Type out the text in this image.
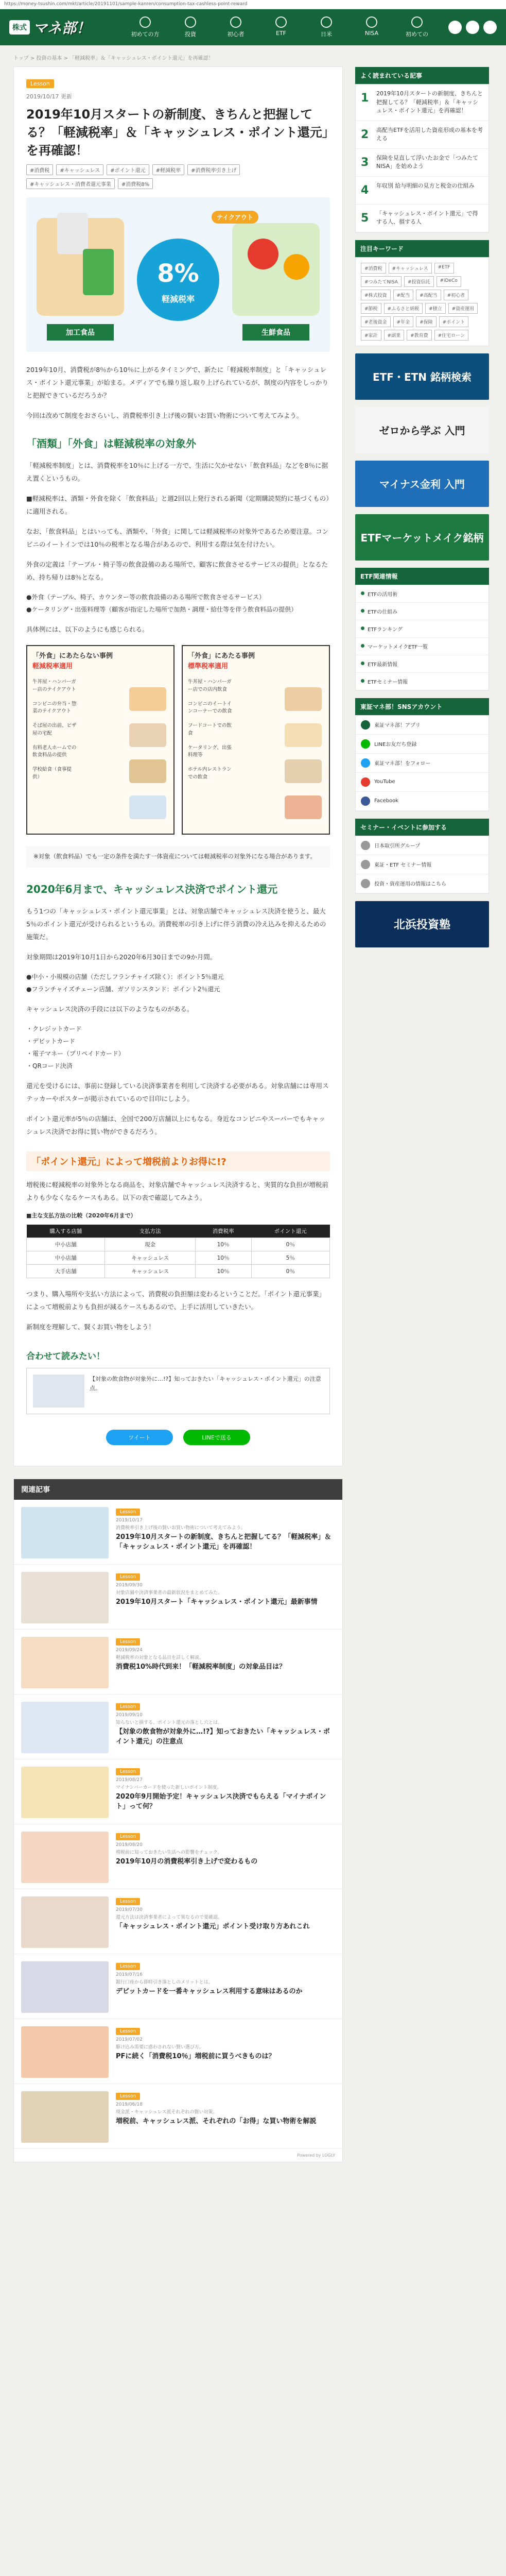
https://money-tsushin.com/mkt/article/20191101/sample-kanren/consumption-tax-cashless-point-reward
株式 マネ部！	初めての方	投資	初心者	ETF	日米	NISA	初めての
トップ > 投資の基本 > 「軽減税率」＆「キャッシュレス・ポイント還元」を再確認！
Lesson
2019/10/17 更新
2019年10月スタートの新制度、きちんと把握してる？「軽減税率」＆「キャッシュレス・ポイント還元」を再確認！
#消費税	#キャッシュレス	#ポイント還元	#軽減税率	#消費税率引き上げ
#キャッシュレス・消費者還元事業	#消費税8%
8%
軽減税率
テイクアウト
加工食品	生鮮食品

2019年10月、消費税が8％から10％に上がるタイミングで、新たに「軽減税率制度」と「キャッシュレス・ポイント還元事業」が始まる。メディアでも繰り返し取り上げられているが、制度の内容をしっかりと把握できているだろうか？

今回は改めて制度をおさらいし、消費税率引き上げ後の賢いお買い物術について考えてみよう。

「酒類」「外食」は軽減税率の対象外

「軽減税率制度」とは、消費税率を10％に上げる一方で、生活に欠かせない「飲食料品」などを8％に据え置くというもの。

■軽減税率は、酒類・外食を除く「飲食料品」と週2回以上発行される新聞（定期購読契約に基づくもの）に適用される。

なお、「飲食料品」とはいっても、酒類や、「外食」に関しては軽減税率の対象外であるため要注意。コンビニのイートインでは10％の税率となる場合があるので、利用する際は気を付けたい。

外食の定義は「テーブル・椅子等の飲食設備のある場所で、顧客に飲食させるサービスの提供」となるため、持ち帰りは8％となる。

●外食（テーブル、椅子、カウンター等の飲食設備のある場所で飲食させるサービス）
●ケータリング・出張料理等（顧客が指定した場所で加熱・調理・給仕等を伴う飲食料品の提供）

具体例には、以下のようにも感じられる。

「外食」にあたらない事例
軽減税率適用
牛丼屋・ハンバーガー店のテイクアウト
コンビニの弁当・惣菜のテイクアウト
そば屋の出前、ピザ屋の宅配
有料老人ホームでの飲食料品の提供
学校給食（食事提供）
「外食」にあたる事例
標準税率適用
牛丼屋・ハンバーガー店での店内飲食
コンビニのイートインコーナーでの飲食
フードコートでの飲食
ケータリング、出張料理等
ホテル内レストランでの飲食
※対象（飲食料品）でも一定の条件を満たす一体資産については軽減税率の対象外になる場合があります。
2020年6月まで、キャッシュレス決済でポイント還元

もう1つの「キャッシュレス・ポイント還元事業」とは、対象店舗でキャッシュレス決済を使うと、最大5％のポイント還元が受けられるというもの。消費税率の引き上げに伴う消費の冷え込みを抑えるための施策だ。

対象期間は2019年10月1日から2020年6月30日までの9か月間。

●中小・小規模の店舗（ただしフランチャイズ除く）：ポイント5％還元
●フランチャイズチェーン店舗、ガソリンスタンド：ポイント2％還元

キャッシュレス決済の手段には以下のようなものがある。

・クレジットカード
・デビットカード
・電子マネー（プリペイドカード）
・QRコード決済

還元を受けるには、事前に登録している決済事業者を利用して決済する必要がある。対象店舗には専用ステッカーやポスターが掲示されているので目印にしよう。

ポイント還元率が5％の店舗は、全国で200万店舗以上にもなる。身近なコンビニやスーパーでもキャッシュレス決済でお得に買い物ができるだろう。

「ポイント還元」によって増税前よりお得に!?

増税後に軽減税率の対象外となる商品を、対象店舗でキャッシュレス決済すると、実質的な負担が増税前よりも少なくなるケースもある。以下の表で確認してみよう。

■主な支払方法の比較（2020年6月まで）
購入する店舗	支払方法	消費税率	ポイント還元
中小店舗	現金	10％	0％
中小店舗	キャッシュレス	10％	5％
大手店舗	キャッシュレス	10％	0％

つまり、購入場所や支払い方法によって、消費税の負担額は変わるということだ。「ポイント還元事業」によって増税前よりも負担が減るケースもあるので、上手に活用していきたい。

新制度を理解して、賢くお買い物をしよう！

合わせて読みたい！
【対象の飲食物が対象外に…!?】知っておきたい「キャッシュレス・ポイント還元」の注意点。
ツイート	LINEで送る
関連記事
Lesson
2019/10/17
消費税率引き上げ後の賢いお買い物術について考えてみよう。
2019年10月スタートの新制度、きちんと把握してる？「軽減税率」＆「キャッシュレス・ポイント還元」を再確認！
Lesson
2019/09/30
対象店舗や決済事業者の最新状況をまとめてみた。
2019年10月スタート「キャッシュレス・ポイント還元」最新事情
Lesson
2019/09/24
軽減税率の対象となる品目を詳しく解説。
消費税10%時代到来！「軽減税率制度」の対象品目は？
Lesson
2019/09/10
知らないと損する、ポイント還元の落とし穴とは。
【対象の飲食物が対象外に…!?】知っておきたい「キャッシュレス・ポイント還元」の注意点
Lesson
2019/08/27
マイナンバーカードを使った新しいポイント制度。
2020年9月開始予定！キャッシュレス決済でもらえる「マイナポイント」って何？
Lesson
2019/08/20
増税前に知っておきたい生活への影響をチェック。
2019年10月の消費税率引き上げで変わるもの
Lesson
2019/07/30
還元方法は決済事業者によって異なるので要確認。
「キャッシュレス・ポイント還元」ポイント受け取り方あれこれ
Lesson
2019/07/16
銀行口座から即時引き落としのメリットとは。
デビットカードを一番キャッシュレス利用する意味はあるのか
Lesson
2019/07/02
駆け込み需要に惑わされない賢い選び方。
PFに続く「消費税10％」増税前に買うべきものは？
Lesson
2019/06/18
現金派・キャッシュレス派それぞれの賢い対策。
増税前、キャッシュレス派、それぞれの「お得」な買い物術を解説
Powered by LOGLY
よく読まれている記事
1	2019年10月スタートの新制度、きちんと把握してる？「軽減税率」＆「キャッシュレス・ポイント還元」を再確認！
2	高配当ETFを活用した資産形成の基本を考える
3	保険を見直して浮いたお金で「つみたてNISA」を始めよう
4	年収別 給与明細の見方と税金の仕組み
5	「キャッシュレス・ポイント還元」で得する人、損する人
注目キーワード
#消費税	#キャッシュレス	#ETF
#つみたてNISA	#投資信託	#iDeCo
#株式投資	#配当	#高配当	#初心者
#節税	#ふるさと納税	#積立	#資産運用
#老後資金	#年金	#保険	#ポイント
#家計	#副業	#教育費	#住宅ローン
ETF・ETN 銘柄検索
ゼロから学ぶ 入門
マイナス金利 入門
ETFマーケットメイク銘柄
ETF関連情報
ETFの活用術
ETFの仕組み
ETFランキング
マーケットメイクETF一覧
ETF最新情報
ETFセミナー情報
東証マネ部！SNSアカウント
東証マネ部！アプリ
LINEお友だち登録
東証マネ部！をフォロー
YouTube
Facebook
セミナー・イベントに参加する
日本取引所グループ
東証・ETF セミナー情報
投資・資産運用の情報はこちら
北浜投資塾
